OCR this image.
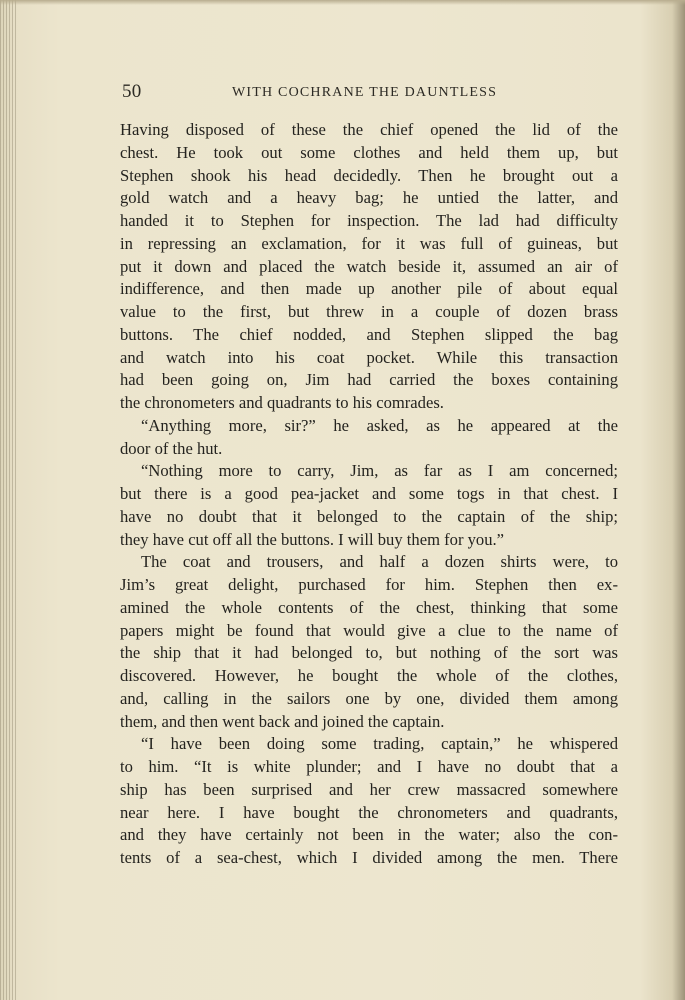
50	WITH COCHRANE THE DAUNTLESS
Having disposed of these the chief opened the lid of the
chest. He took out some clothes and held them up, but
Stephen shook his head decidedly. Then he brought out a
gold watch and a heavy bag; he untied the latter, and
handed it to Stephen for inspection. The lad had difficulty
in repressing an exclamation, for it was full of guineas, but
put it down and placed the watch beside it, assumed an air of
indifference, and then made up another pile of about equal
value to the first, but threw in a couple of dozen brass
buttons. The chief nodded, and Stephen slipped the bag
and watch into his coat pocket. While this transaction
had been going on, Jim had carried the boxes containing
the chronometers and quadrants to his comrades.
“Anything more, sir?” he asked, as he appeared at the
door of the hut.
“Nothing more to carry, Jim, as far as I am concerned;
but there is a good pea-jacket and some togs in that chest. I
have no doubt that it belonged to the captain of the ship;
they have cut off all the buttons. I will buy them for you.”
The coat and trousers, and half a dozen shirts were, to
Jim’s great delight, purchased for him. Stephen then ex-
amined the whole contents of the chest, thinking that some
papers might be found that would give a clue to the name of
the ship that it had belonged to, but nothing of the sort was
discovered. However, he bought the whole of the clothes,
and, calling in the sailors one by one, divided them among
them, and then went back and joined the captain.
“I have been doing some trading, captain,” he whispered
to him. “It is white plunder; and I have no doubt that a
ship has been surprised and her crew massacred somewhere
near here. I have bought the chronometers and quadrants,
and they have certainly not been in the water; also the con-
tents of a sea-chest, which I divided among the men. There
